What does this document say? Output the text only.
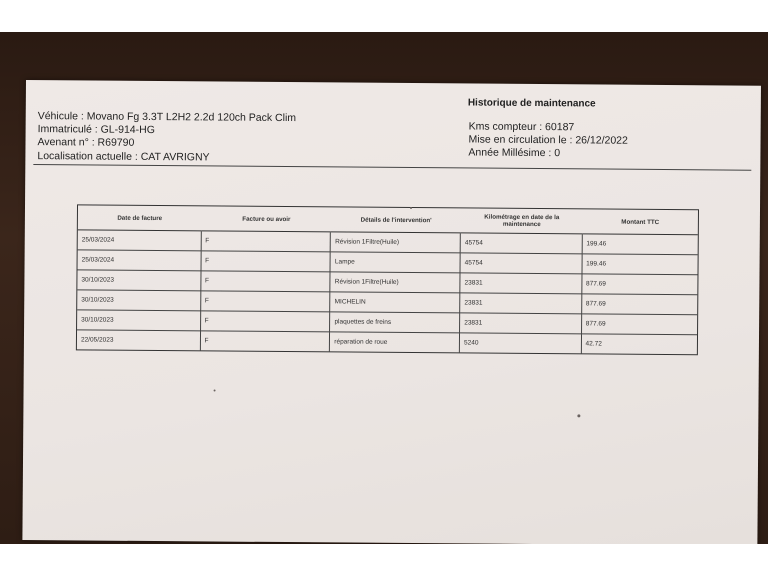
Véhicule : Movano Fg 3.3T L2H2 2.2d 120ch Pack Clim
Immatriculé : GL-914-HG
Avenant n° : R69790
Localisation actuelle : CAT AVRIGNY
Historique de maintenance
Kms compteur : 60187
Mise en circulation le : 26/12/2022
Année Millésime : 0
Date de facture	Facture ou avoir	Détails de l'intervention'	Kilométrage en date de la maintenance	Montant TTC
25/03/2024	F	Révision 1Filtre(Huile)	45754	199.46
25/03/2024	F	Lampe	45754	199.46
30/10/2023	F	Révision 1Filtre(Huile)	23831	877.69
30/10/2023	F	MICHELIN	23831	877.69
30/10/2023	F	plaquettes de freins	23831	877.69
22/05/2023	F	réparation de roue	5240	42.72
